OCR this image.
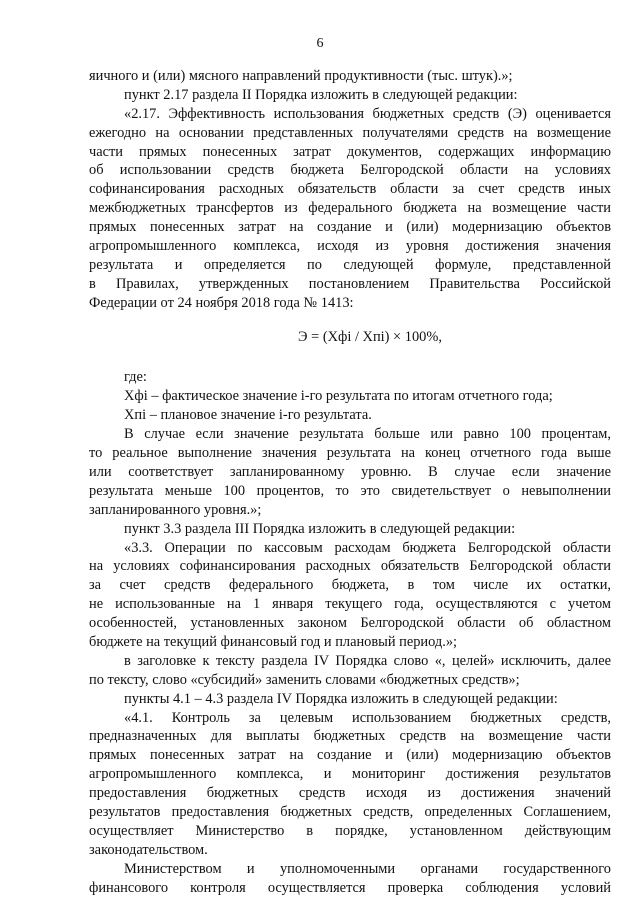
6
яичного и (или) мясного направлений продуктивности (тыс. штук).»;
пункт 2.17 раздела II Порядка изложить в следующей редакции:
«2.17. Эффективность использования бюджетных средств (Э) оценивается
ежегодно на основании представленных получателями средств на возмещение
части прямых понесенных затрат документов, содержащих информацию
об использовании средств бюджета Белгородской области на условиях
софинансирования расходных обязательств области за счет средств иных
межбюджетных трансфертов из федерального бюджета на возмещение части
прямых понесенных затрат на создание и (или) модернизацию объектов
агропромышленного комплекса, исходя из уровня достижения значения
результата и определяется по следующей формуле, представленной
в Правилах, утвержденных постановлением Правительства Российской
Федерации от 24 ноября 2018 года № 1413:
Э = (Xфi / Xпi) × 100%,
где:
Xфi – фактическое значение i-го результата по итогам отчетного года;
Xпi – плановое значение i-го результата.
В случае если значение результата больше или равно 100 процентам,
то реальное выполнение значения результата на конец отчетного года выше
или соответствует запланированному уровню. В случае если значение
результата меньше 100 процентов, то это свидетельствует о невыполнении
запланированного уровня.»;
пункт 3.3 раздела III Порядка изложить в следующей редакции:
«3.3. Операции по кассовым расходам бюджета Белгородской области
на условиях софинансирования расходных обязательств Белгородской области
за счет средств федерального бюджета, в том числе их остатки,
не использованные на 1 января текущего года, осуществляются с учетом
особенностей, установленных законом Белгородской области об областном
бюджете на текущий финансовый год и плановый период.»;
в заголовке к тексту раздела IV Порядка слово «, целей» исключить, далее
по тексту, слово «субсидий» заменить словами «бюджетных средств»;
пункты 4.1 – 4.3 раздела IV Порядка изложить в следующей редакции:
«4.1. Контроль за целевым использованием бюджетных средств,
предназначенных для выплаты бюджетных средств на возмещение части
прямых понесенных затрат на создание и (или) модернизацию объектов
агропромышленного комплекса, и мониторинг достижения результатов
предоставления бюджетных средств исходя из достижения значений
результатов предоставления бюджетных средств, определенных Соглашением,
осуществляет Министерство в порядке, установленном действующим
законодательством.
Министерством и уполномоченными органами государственного
финансового контроля осуществляется проверка соблюдения условий
